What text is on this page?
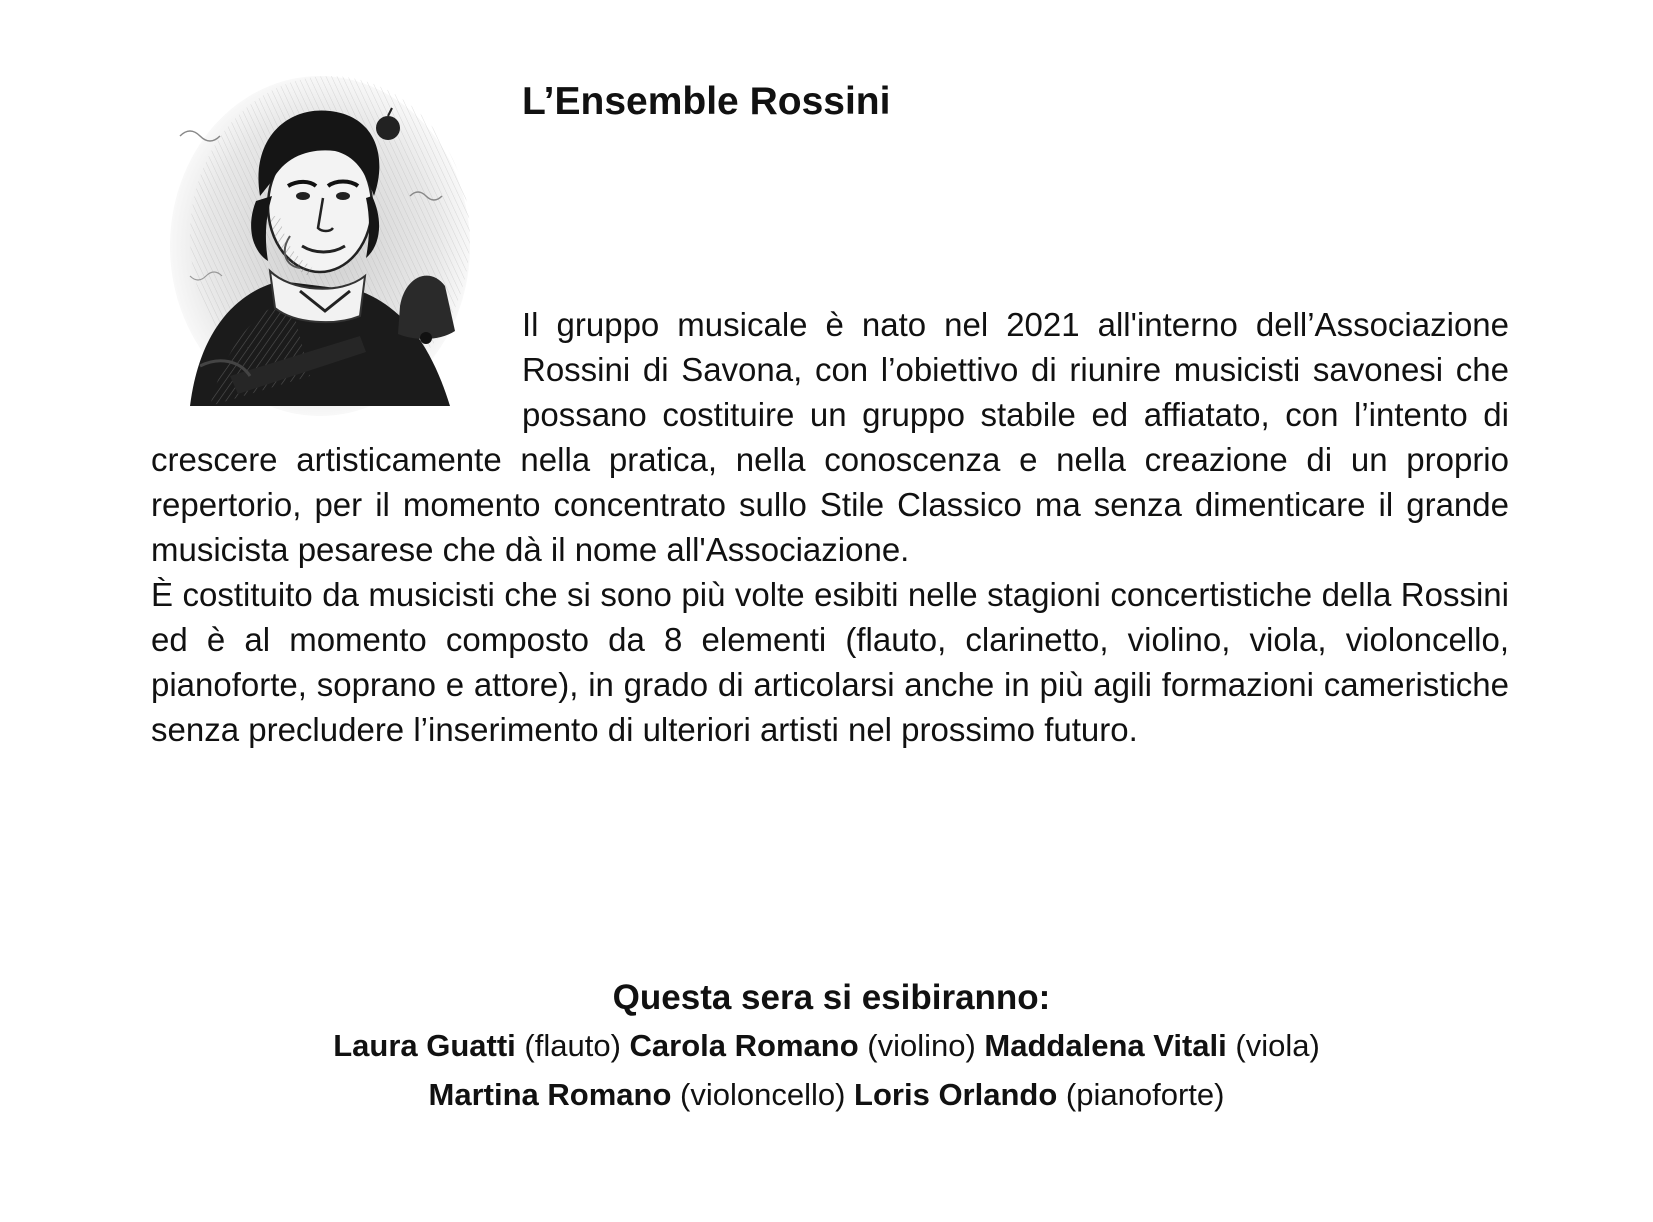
L’Ensemble Rossini

Il gruppo musicale è nato nel 2021 all'interno dell’Associazione Rossini di Savona, con l’obiettivo di riunire musicisti savonesi che possano costituire un gruppo stabile ed affiatato, con l’intento di crescere artisticamente nella pratica, nella conoscenza e nella creazione di un proprio repertorio, per il momento concentrato sullo Stile Classico ma senza dimenticare il grande musicista pesarese che dà il nome all'Associazione.

È costituito da musicisti che si sono più volte esibiti nelle stagioni concertistiche della Rossini ed è al momento composto da 8 elementi (flauto, clarinetto, violino, viola, violoncello, pianoforte, soprano e attore), in grado di articolarsi anche in più agili formazioni cameristiche senza precludere l’inserimento di ulteriori artisti nel prossimo futuro.

Questa sera si esibiranno:
Laura Guatti (flauto) Carola Romano (violino) Maddalena Vitali (viola)
Martina Romano (violoncello) Loris Orlando (pianoforte)
